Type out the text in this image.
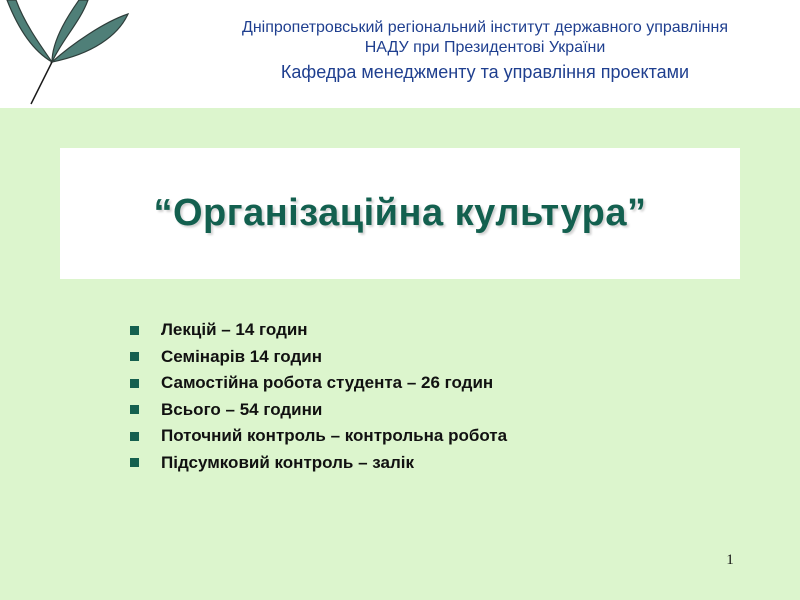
Дніпропетровський регіональний інститут державного управління
НАДУ при Президентові України
Кафедра менеджменту та управління проектами
“Організаційна культура”
Лекцій – 14 годин
Семінарів 14 годин
Самостійна робота студента – 26 годин
Всього – 54 години
Поточний контроль – контрольна робота
Підсумковий контроль – залік
1
